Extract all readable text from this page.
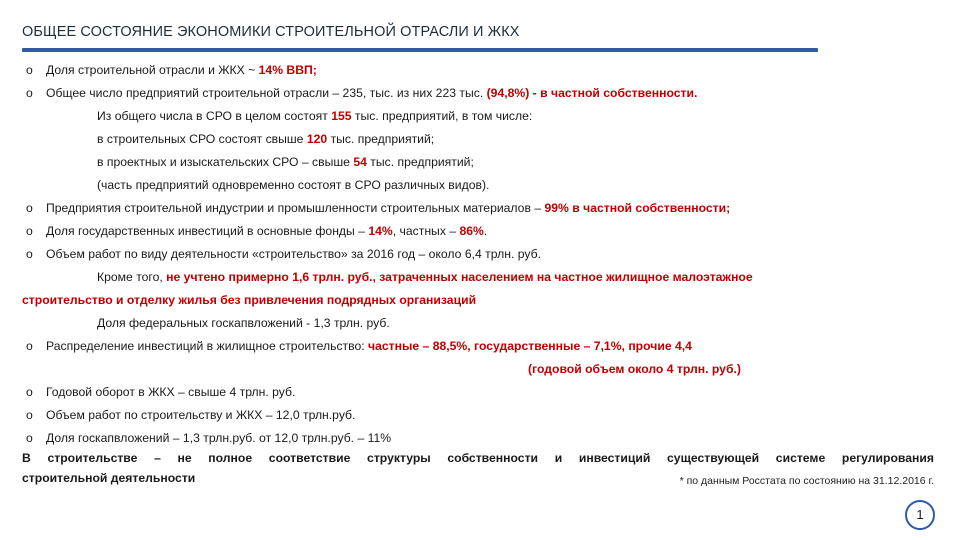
ОБЩЕЕ СОСТОЯНИЕ ЭКОНОМИКИ СТРОИТЕЛЬНОЙ ОТРАСЛИ И ЖКХ
o Доля строительной отрасли и ЖКХ ~ 14% ВВП;
o Общее число предприятий строительной отрасли – 235, тыс. из них 223 тыс. (94,8%) - в частной собственности.
Из общего числа в СРО в целом состоят 155 тыс. предприятий, в том числе:
в строительных СРО состоят свыше 120 тыс. предприятий;
в проектных и изыскательских СРО – свыше 54 тыс. предприятий;
(часть предприятий одновременно состоят в СРО различных видов).
o Предприятия строительной индустрии и промышленности строительных материалов – 99% в частной собственности;
o Доля государственных инвестиций в основные фонды – 14%, частных – 86%.
o Объем работ по виду деятельности «строительство» за 2016 год – около 6,4 трлн. руб.
Кроме того, не учтено примерно 1,6 трлн. руб., затраченных населением на частное жилищное малоэтажное
строительство и отделку жилья без привлечения подрядных организаций
Доля федеральных госкапвложений - 1,3 трлн. руб.
o Распределение инвестиций в жилищное строительство: частные – 88,5%, государственные – 7,1%, прочие 4,4
(годовой объем около 4 трлн. руб.)
o Годовой оборот в ЖКХ – свыше 4 трлн. руб.
o Объем работ по строительству и ЖКХ – 12,0 трлн.руб.
o Доля госкапвложений – 1,3 трлн.руб. от 12,0 трлн.руб. – 11%
В строительстве – не полное соответствие структуры собственности и инвестиций существующей системе регулирования
строительной деятельности	* по данным Росстата по состоянию на 31.12.2016 г.
1
